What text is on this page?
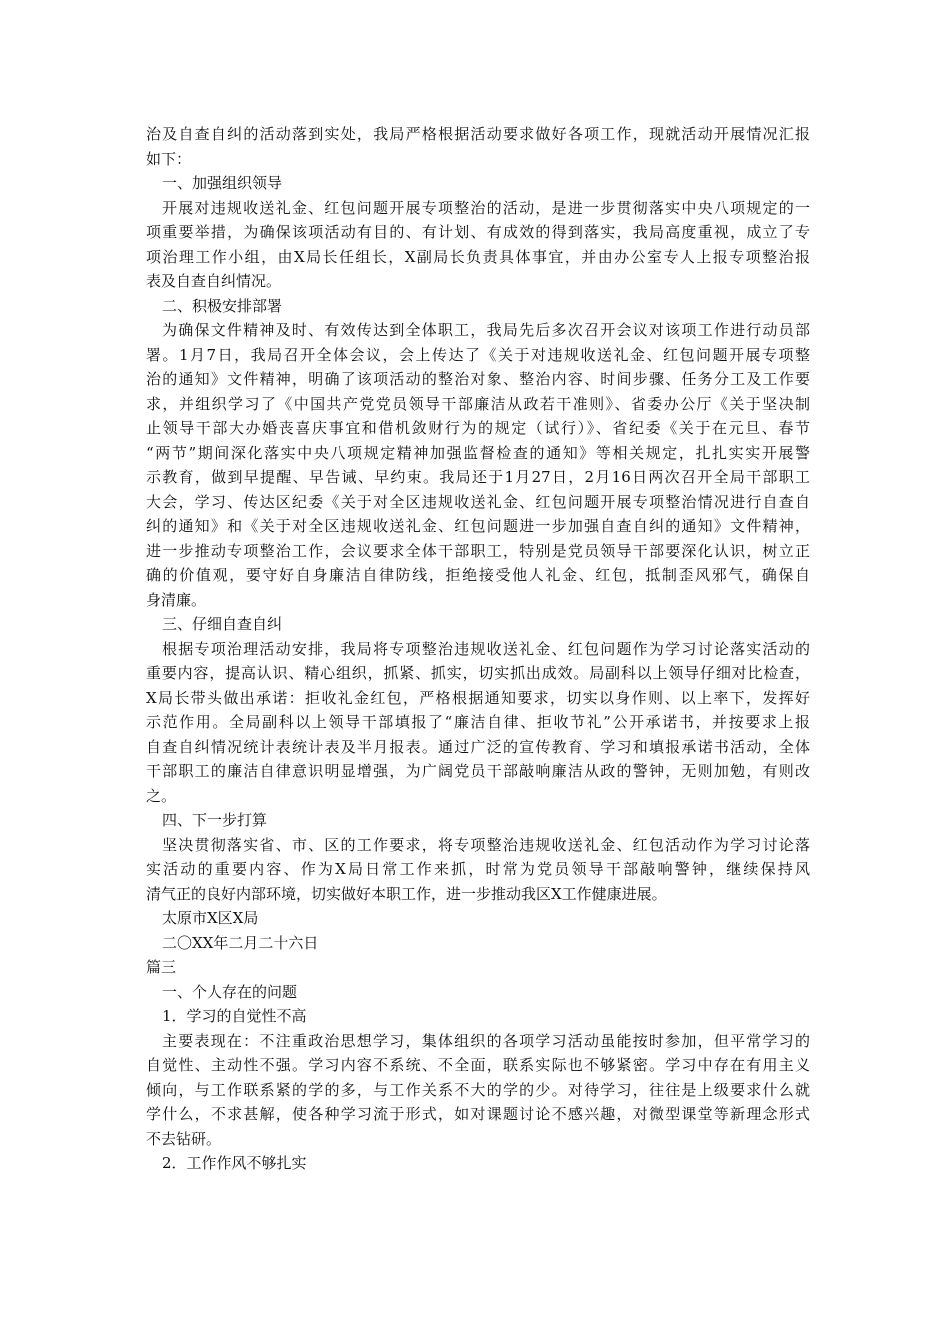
治及自查自纠的活动落到实处，我局严格根据活动要求做好各项工作，现就活动开展情况汇报

如下：

一、加强组织领导

开展对违规收送礼金、红包问题开展专项整治的活动，是进一步贯彻落实中央八项规定的一

项重要举措，为确保该项活动有目的、有计划、有成效的得到落实，我局高度重视，成立了专

项治理工作小组，由X局长任组长，X副局长负责具体事宜，并由办公室专人上报专项整治报

表及自查自纠情况。

二、积极安排部署

为确保文件精神及时、有效传达到全体职工，我局先后多次召开会议对该项工作进行动员部

署。1月7日，我局召开全体会议，会上传达了《关于对违规收送礼金、红包问题开展专项整

治的通知》文件精神，明确了该项活动的整治对象、整治内容、时间步骤、任务分工及工作要

求，并组织学习了《中国共产党党员领导干部廉洁从政若干准则》、省委办公厅《关于坚决制

止领导干部大办婚丧喜庆事宜和借机敛财行为的规定（试行）》、省纪委《关于在元旦、春节

“两节”期间深化落实中央八项规定精神加强监督检查的通知》等相关规定，扎扎实实开展警

示教育，做到早提醒、早告诫、早约束。我局还于1月27日，2月16日两次召开全局干部职工

大会，学习、传达区纪委《关于对全区违规收送礼金、红包问题开展专项整治情况进行自查自

纠的通知》和《关于对全区违规收送礼金、红包问题进一步加强自查自纠的通知》文件精神，

进一步推动专项整治工作，会议要求全体干部职工，特别是党员领导干部要深化认识，树立正

确的价值观，要守好自身廉洁自律防线，拒绝接受他人礼金、红包，抵制歪风邪气，确保自

身清廉。

三、仔细自查自纠

根据专项治理活动安排，我局将专项整治违规收送礼金、红包问题作为学习讨论落实活动的

重要内容，提高认识、精心组织，抓紧、抓实，切实抓出成效。局副科以上领导仔细对比检查，

X局长带头做出承诺：拒收礼金红包，严格根据通知要求，切实以身作则、以上率下，发挥好

示范作用。全局副科以上领导干部填报了“廉洁自律、拒收节礼”公开承诺书，并按要求上报

自查自纠情况统计表统计表及半月报表。通过广泛的宣传教育、学习和填报承诺书活动，全体

干部职工的廉洁自律意识明显增强，为广阔党员干部敲响廉洁从政的警钟，无则加勉，有则改

之。

四、下一步打算

坚决贯彻落实省、市、区的工作要求，将专项整治违规收送礼金、红包活动作为学习讨论落

实活动的重要内容、作为X局日常工作来抓，时常为党员领导干部敲响警钟，继续保持风

清气正的良好内部环境，切实做好本职工作，进一步推动我区X工作健康进展。

太原市X区X局

二〇XX年二月二十六日

篇三

一、个人存在的问题

1．学习的自觉性不高

主要表现在：不注重政治思想学习，集体组织的各项学习活动虽能按时参加，但平常学习的

自觉性、主动性不强。学习内容不系统、不全面，联系实际也不够紧密。学习中存在有用主义

倾向，与工作联系紧的学的多，与工作关系不大的学的少。对待学习，往往是上级要求什么就

学什么，不求甚解，使各种学习流于形式，如对课题讨论不感兴趣，对微型课堂等新理念形式

不去钻研。

2．工作作风不够扎实
